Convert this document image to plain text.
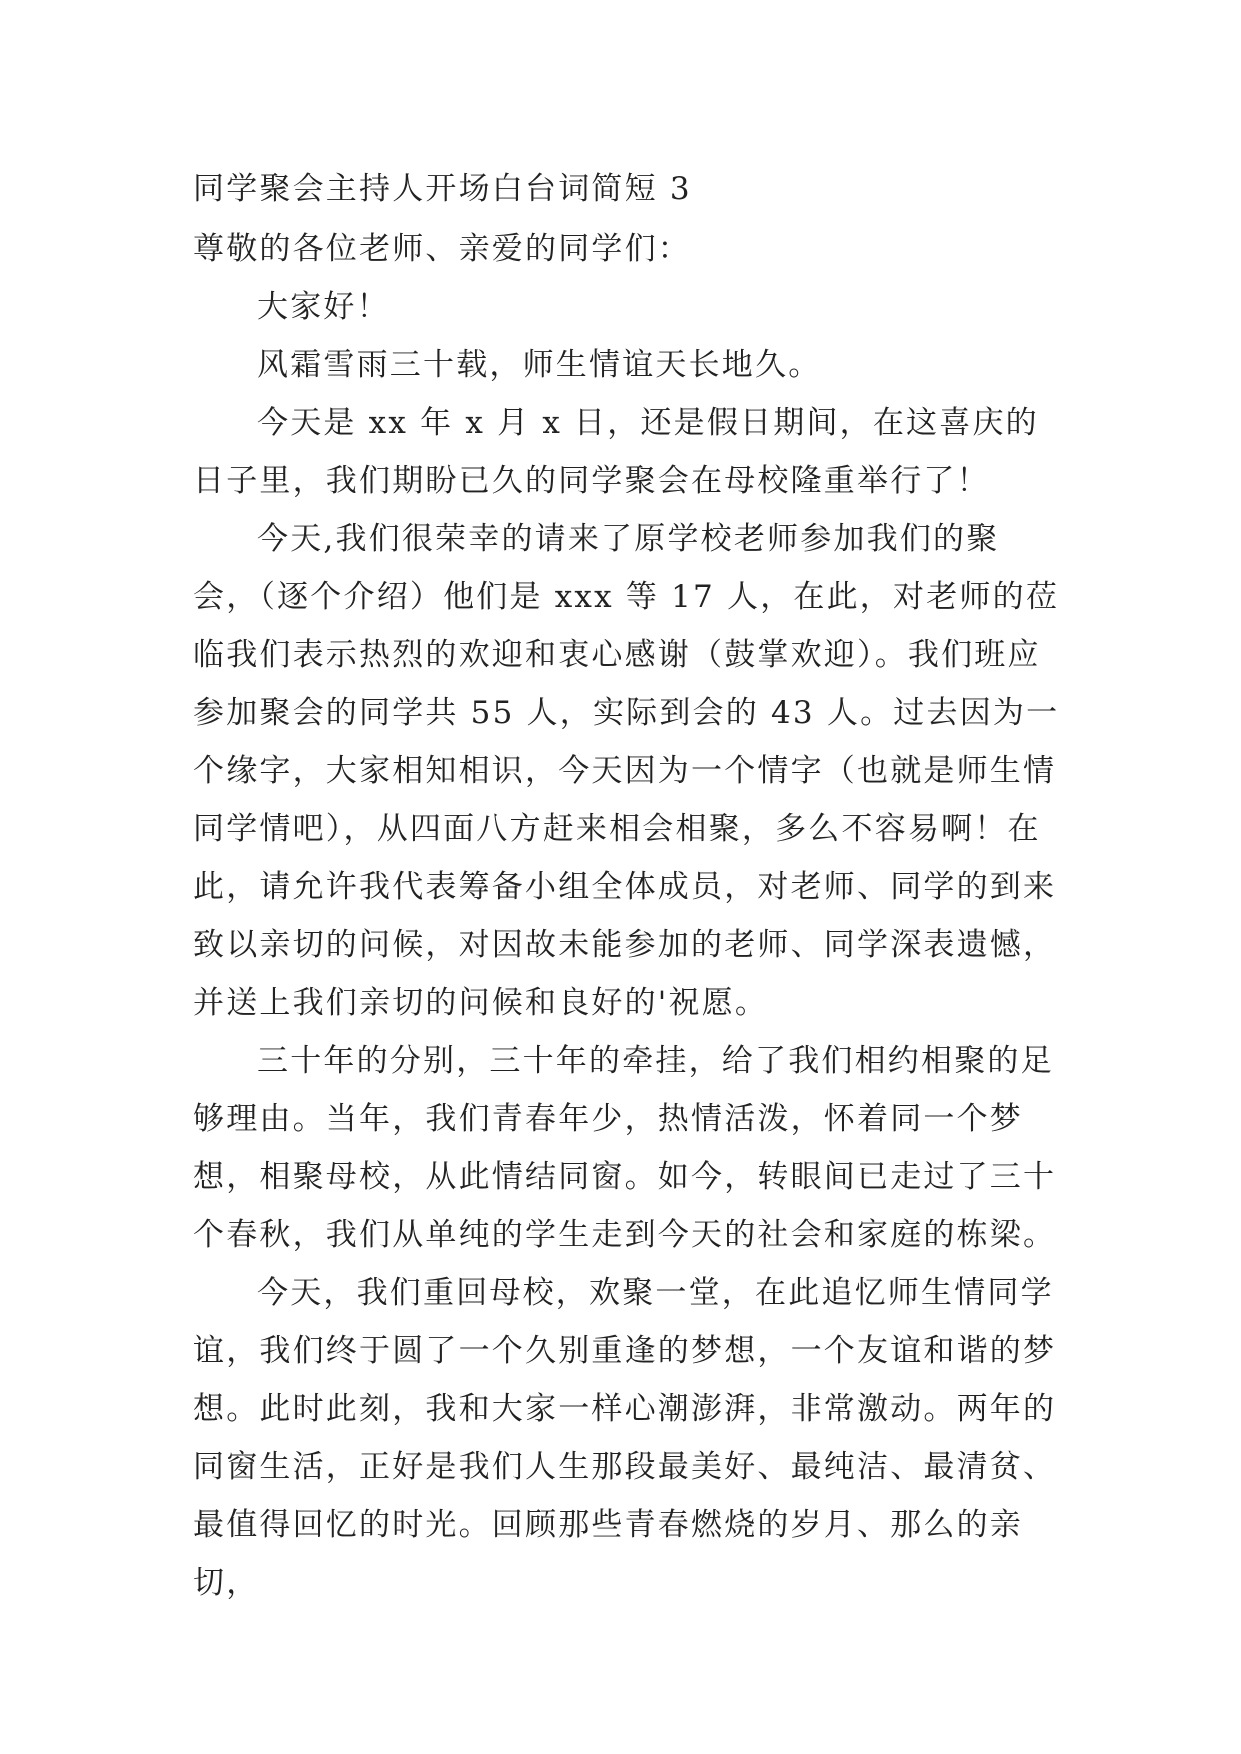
同学聚会主持人开场白台词简短 3

尊敬的各位老师、亲爱的同学们：

大家好！

风霜雪雨三十载，师生情谊天长地久。

今天是 xx 年 x 月 x 日，还是假日期间，在这喜庆的日子里，我们期盼已久的同学聚会在母校隆重举行了！

今天,我们很荣幸的请来了原学校老师参加我们的聚会，（逐个介绍）他们是 xxx 等 17 人，在此，对老师的莅临我们表示热烈的欢迎和衷心感谢（鼓掌欢迎）。我们班应参加聚会的同学共 55 人，实际到会的 43 人。过去因为一个缘字，大家相知相识，今天因为一个情字（也就是师生情同学情吧），从四面八方赶来相会相聚，多么不容易啊！在此，请允许我代表筹备小组全体成员，对老师、同学的到来致以亲切的问候，对因故未能参加的老师、同学深表遗憾，并送上我们亲切的问候和良好的'祝愿。

三十年的分别，三十年的牵挂，给了我们相约相聚的足够理由。当年，我们青春年少，热情活泼，怀着同一个梦想，相聚母校，从此情结同窗。如今，转眼间已走过了三十个春秋，我们从单纯的学生走到今天的社会和家庭的栋梁。

今天，我们重回母校，欢聚一堂，在此追忆师生情同学谊，我们终于圆了一个久别重逢的梦想，一个友谊和谐的梦想。此时此刻，我和大家一样心潮澎湃，非常激动。两年的同窗生活，正好是我们人生那段最美好、最纯洁、最清贫、最值得回忆的时光。回顾那些青春燃烧的岁月、那么的亲切，
